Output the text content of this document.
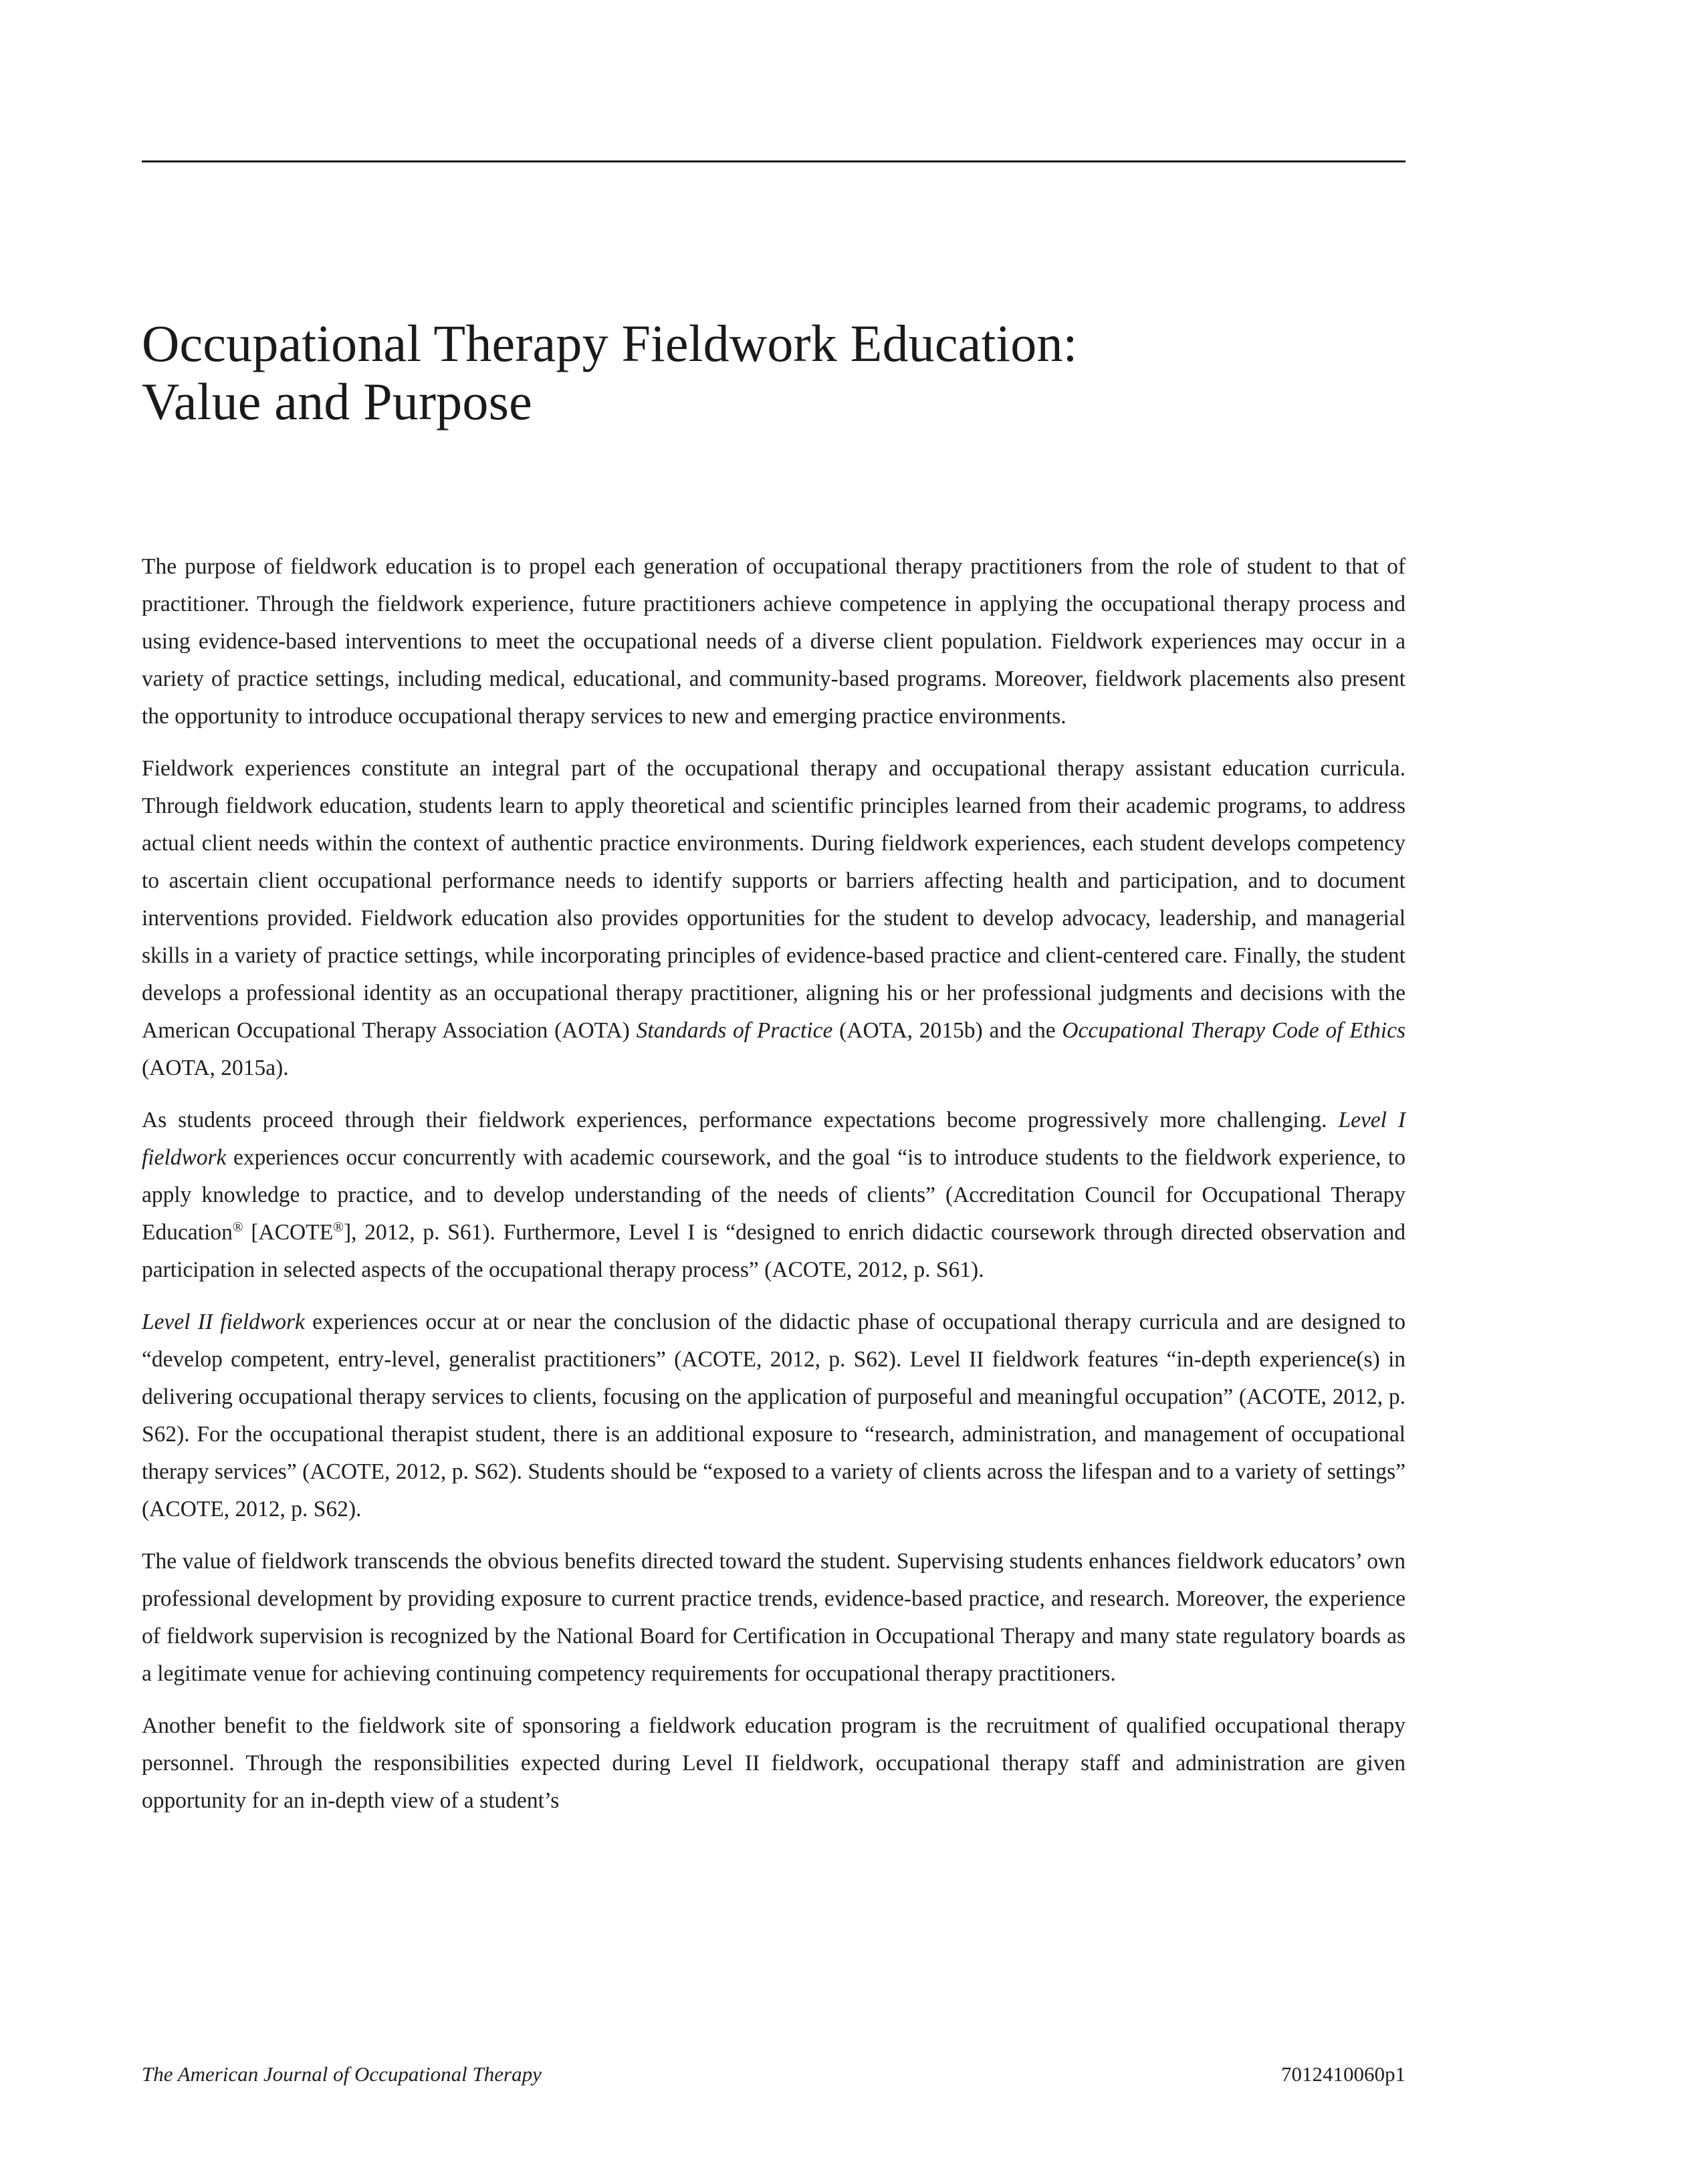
Occupational Therapy Fieldwork Education:
Value and Purpose

The purpose of fieldwork education is to propel each generation of occupational therapy practitioners from the role of student to that of practitioner. Through the fieldwork experience, future practitioners achieve competence in applying the occupational therapy process and using evidence-based interventions to meet the occupational needs of a diverse client population. Fieldwork experiences may occur in a variety of practice settings, including medical, educational, and community-based programs. Moreover, fieldwork placements also present the opportunity to introduce occupational therapy services to new and emerging practice environments.

Fieldwork experiences constitute an integral part of the occupational therapy and occupational therapy assistant education curricula. Through fieldwork education, students learn to apply theoretical and scientific principles learned from their academic programs, to address actual client needs within the context of authentic practice environments. During fieldwork experiences, each student develops competency to ascertain client occupational performance needs to identify supports or barriers affecting health and participation, and to document interventions provided. Fieldwork education also provides opportunities for the student to develop advocacy, leadership, and managerial skills in a variety of practice settings, while incorporating principles of evidence-based practice and client-centered care. Finally, the student develops a professional identity as an occupational therapy practitioner, aligning his or her professional judgments and decisions with the American Occupational Therapy Association (AOTA) Standards of Practice (AOTA, 2015b) and the Occupational Therapy Code of Ethics (AOTA, 2015a).

As students proceed through their fieldwork experiences, performance expectations become progressively more challenging. Level I fieldwork experiences occur concurrently with academic coursework, and the goal “is to introduce students to the fieldwork experience, to apply knowledge to practice, and to develop understanding of the needs of clients” (Accreditation Council for Occupational Therapy Education® [ACOTE®], 2012, p. S61). Furthermore, Level I is “designed to enrich didactic coursework through directed observation and participation in selected aspects of the occupational therapy process” (ACOTE, 2012, p. S61).

Level II fieldwork experiences occur at or near the conclusion of the didactic phase of occupational therapy curricula and are designed to “develop competent, entry-level, generalist practitioners” (ACOTE, 2012, p. S62). Level II fieldwork features “in-depth experience(s) in delivering occupational therapy services to clients, focusing on the application of purposeful and meaningful occupation” (ACOTE, 2012, p. S62). For the occupational therapist student, there is an additional exposure to “research, administration, and management of occupational therapy services” (ACOTE, 2012, p. S62). Students should be “exposed to a variety of clients across the lifespan and to a variety of settings” (ACOTE, 2012, p. S62).

The value of fieldwork transcends the obvious benefits directed toward the student. Supervising students enhances fieldwork educators’ own professional development by providing exposure to current practice trends, evidence-based practice, and research. Moreover, the experience of fieldwork supervision is recognized by the National Board for Certification in Occupational Therapy and many state regulatory boards as a legitimate venue for achieving continuing competency requirements for occupational therapy practitioners.

Another benefit to the fieldwork site of sponsoring a fieldwork education program is the recruitment of qualified occupational therapy personnel. Through the responsibilities expected during Level II fieldwork, occupational therapy staff and administration are given opportunity for an in-depth view of a student’s

The American Journal of Occupational Therapy	7012410060p1
